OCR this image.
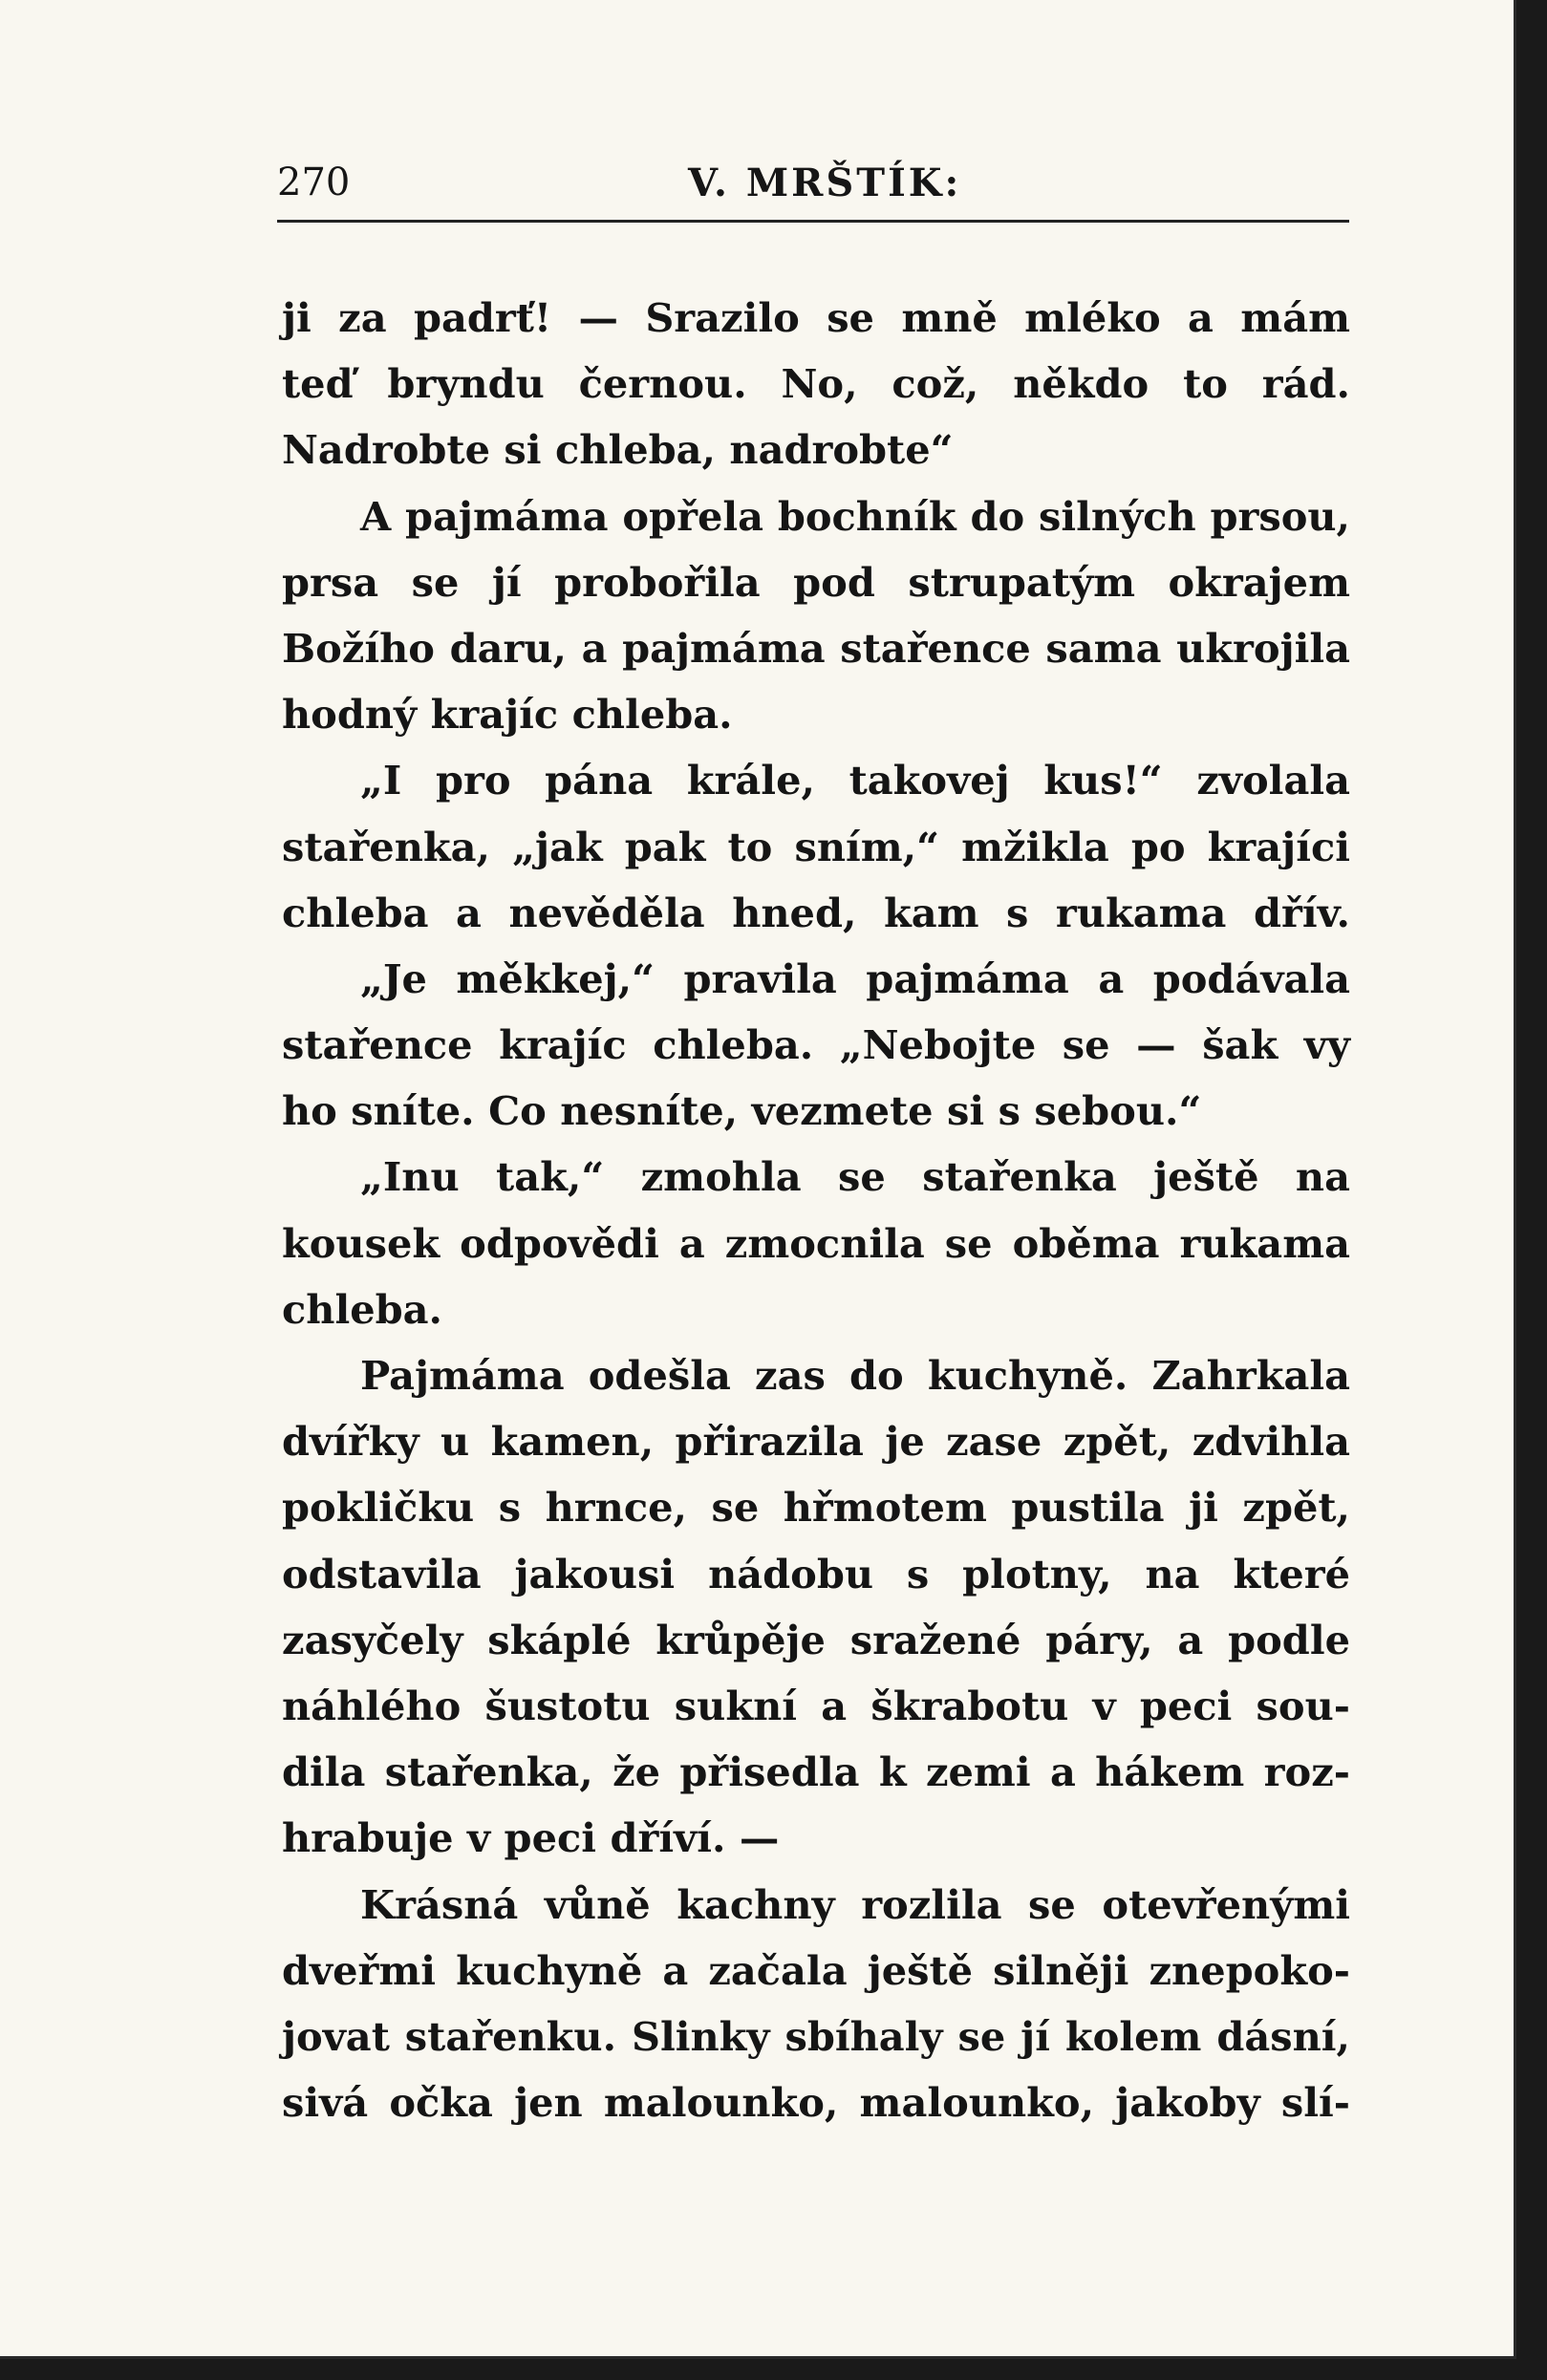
270	V. MRŠTÍK:
ji za padrť! — Srazilo se mně mléko a mám
teď bryndu černou. No, což, někdo to rád.
Nadrobte si chleba, nadrobte“
A pajmáma opřela bochník do silných prsou,
prsa se jí probořila pod strupatým okrajem
Božího daru, a pajmáma stařence sama ukrojila
hodný krajíc chleba.
„I pro pána krále, takovej kus!“ zvolala
stařenka, „jak pak to sním,“ mžikla po krajíci
chleba a nevěděla hned, kam s rukama dřív.
„Je měkkej,“ pravila pajmáma a podávala
stařence krajíc chleba. „Nebojte se — šak vy
ho sníte. Co nesníte, vezmete si s sebou.“
„Inu tak,“ zmohla se stařenka ještě na
kousek odpovědi a zmocnila se oběma rukama
chleba.
Pajmáma odešla zas do kuchyně. Zahrkala
dvířky u kamen, přirazila je zase zpět, zdvihla
pokličku s hrnce, se hřmotem pustila ji zpět,
odstavila jakousi nádobu s plotny, na které
zasyčely skáplé krůpěje sražené páry, a podle
náhlého šustotu sukní a škrabotu v peci sou-
dila stařenka, že přisedla k zemi a hákem roz-
hrabuje v peci dříví. —
Krásná vůně kachny rozlila se otevřenými
dveřmi kuchyně a začala ještě silněji znepoko-
jovat stařenku. Slinky sbíhaly se jí kolem dásní,
sivá očka jen malounko, malounko, jakoby slí-
